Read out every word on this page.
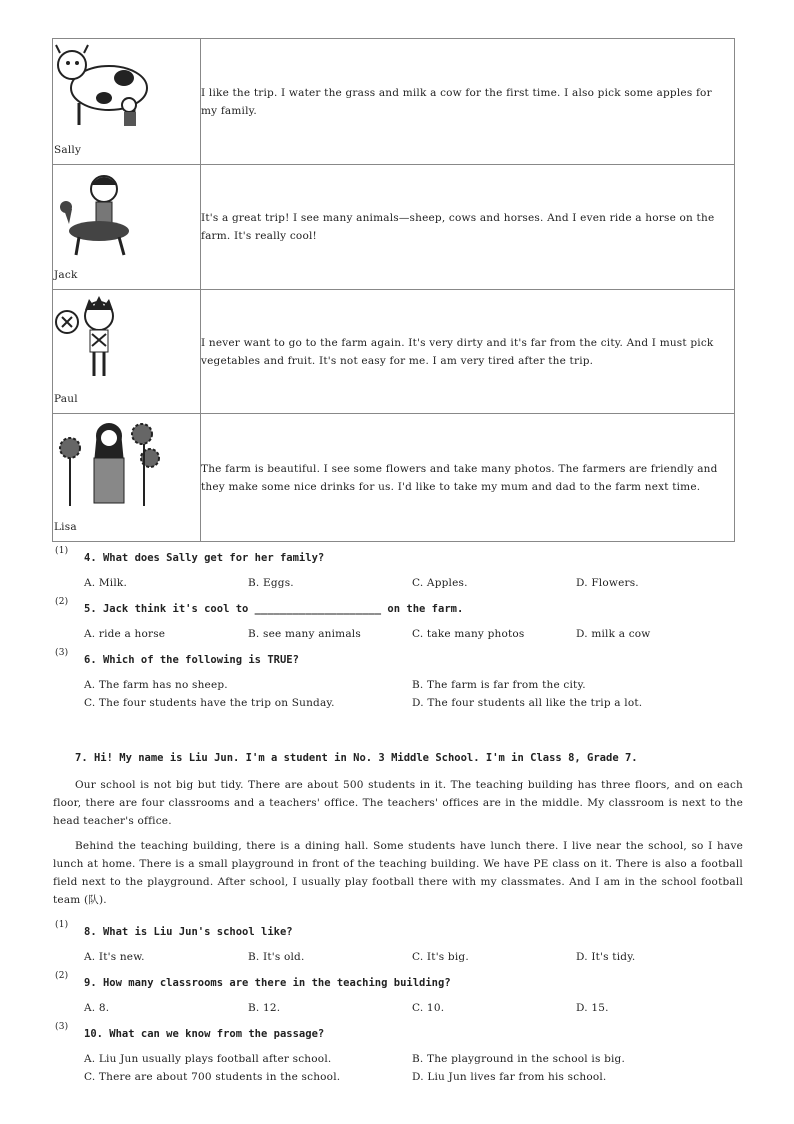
Sally	I like the trip. I water the grass and milk a cow for the first time. I also pick some apples for my family.

Jack	It's a great trip! I see many animals—sheep, cows and horses. And I even ride a horse on the farm. It's really cool!

Paul	I never want to go to the farm again. It's very dirty and it's far from the city. And I must pick vegetables and fruit. It's not easy for me. I am very tired after the trip.

Lisa	The farm is beautiful. I see some flowers and take many photos. The farmers are friendly and they make some nice drinks for us. I'd like to take my mum and dad to the farm next time.

(1)
4. What does Sally get for her family?
A. Milk.	B. Eggs.	C. Apples.	D. Flowers.
(2)
5. Jack think it's cool to ____________________ on the farm.
A. ride a horse	B. see many animals	C. take many photos	D. milk a cow
(3)
6. Which of the following is TRUE?
A. The farm has no sheep.	B. The farm is far from the city.
C. The four students have the trip on Sunday.	D. The four students all like the trip a lot.
7. Hi! My name is Liu Jun. I'm a student in No. 3 Middle School. I'm in Class 8, Grade 7.

Our school is not big but tidy. There are about 500 students in it. The teaching building has three floors, and on each floor, there are four classrooms and a teachers' office. The teachers' offices are in the middle. My classroom is next to the head teacher's office.

Behind the teaching building, there is a dining hall. Some students have lunch there. I live near the school, so I have lunch at home. There is a small playground in front of the teaching building. We have PE class on it. There is also a football field next to the playground. After school, I usually play football there with my classmates. And I am in the school football team (队).

(1)
8. What is Liu Jun's school like?
A. It's new.	B. It's old.	C. It's big.	D. It's tidy.
(2)
9. How many classrooms are there in the teaching building?
A. 8.	B. 12.	C. 10.	D. 15.
(3)
10. What can we know from the passage?
A. Liu Jun usually plays football after school.	B. The playground in the school is big.
C. There are about 700 students in the school.	D. Liu Jun lives far from his school.
